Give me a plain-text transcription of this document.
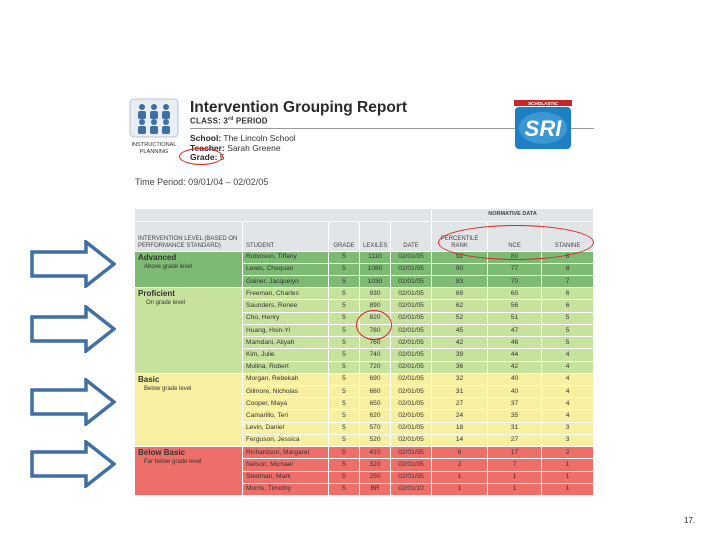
INSTRUCTIONAL
PLANNING
Intervention Grouping Report
CLASS: 3rd PERIOD
School: The Lincoln School
Teacher: Sarah Greene
Grade: 5
Time Period: 09/01/04 – 02/02/05
SCHOLASTIC
SRI
					NORMATIVE DATA		
INTERVENTION LEVEL (BASED ON PERFORMANCE STANDARD)	STUDENT	GRADE	LEXILES	DATE	PERCENTILE RANK	NCE	STANINE

Advanced
Above grade level	Robinson, Tiffany	5	1110	02/01/05	92	80	8
	Lewis, Chequan	5	1080	02/01/05	90	77	8
	Gainer, Jacquelyn	5	1030	02/01/05	83	70	7

Proficient
On grade level	Freeman, Charles	5	930	02/01/05	69	60	6
	Saunders, Renee	5	890	02/01/05	62	56	6
	Cho, Henry	5	820	02/01/05	52	51	5
	Huang, Hsin-Yi	5	780	02/01/05	45	47	5
	Mamdani, Aliyah	5	760	02/01/05	42	46	5
	Kim, Julie	5	740	02/01/05	39	44	4
	Molina, Robert	5	720	02/01/05	36	42	4

Basic
Below grade level	Morgan, Rebekah	5	690	02/01/05	32	40	4
	Gilmore, Nicholas	5	680	02/01/05	31	40	4
	Cooper, Maya	5	650	02/01/05	27	37	4
	Camarillo, Teri	5	620	02/01/05	24	35	4
	Levin, Daniel	5	570	02/01/05	18	31	3
	Ferguson, Jessica	5	520	02/01/05	14	27	3

Below Basic
Far below grade level	Richardson, Margaret	5	410	02/01/05	6	17	2
	Nelson, Michael	5	320	02/01/05	2	7	1
	Stedman, Mark	5	250	02/01/05	1	1	1
	Morris, Timothy	5	BR	02/01/10	1	1	1
17.
